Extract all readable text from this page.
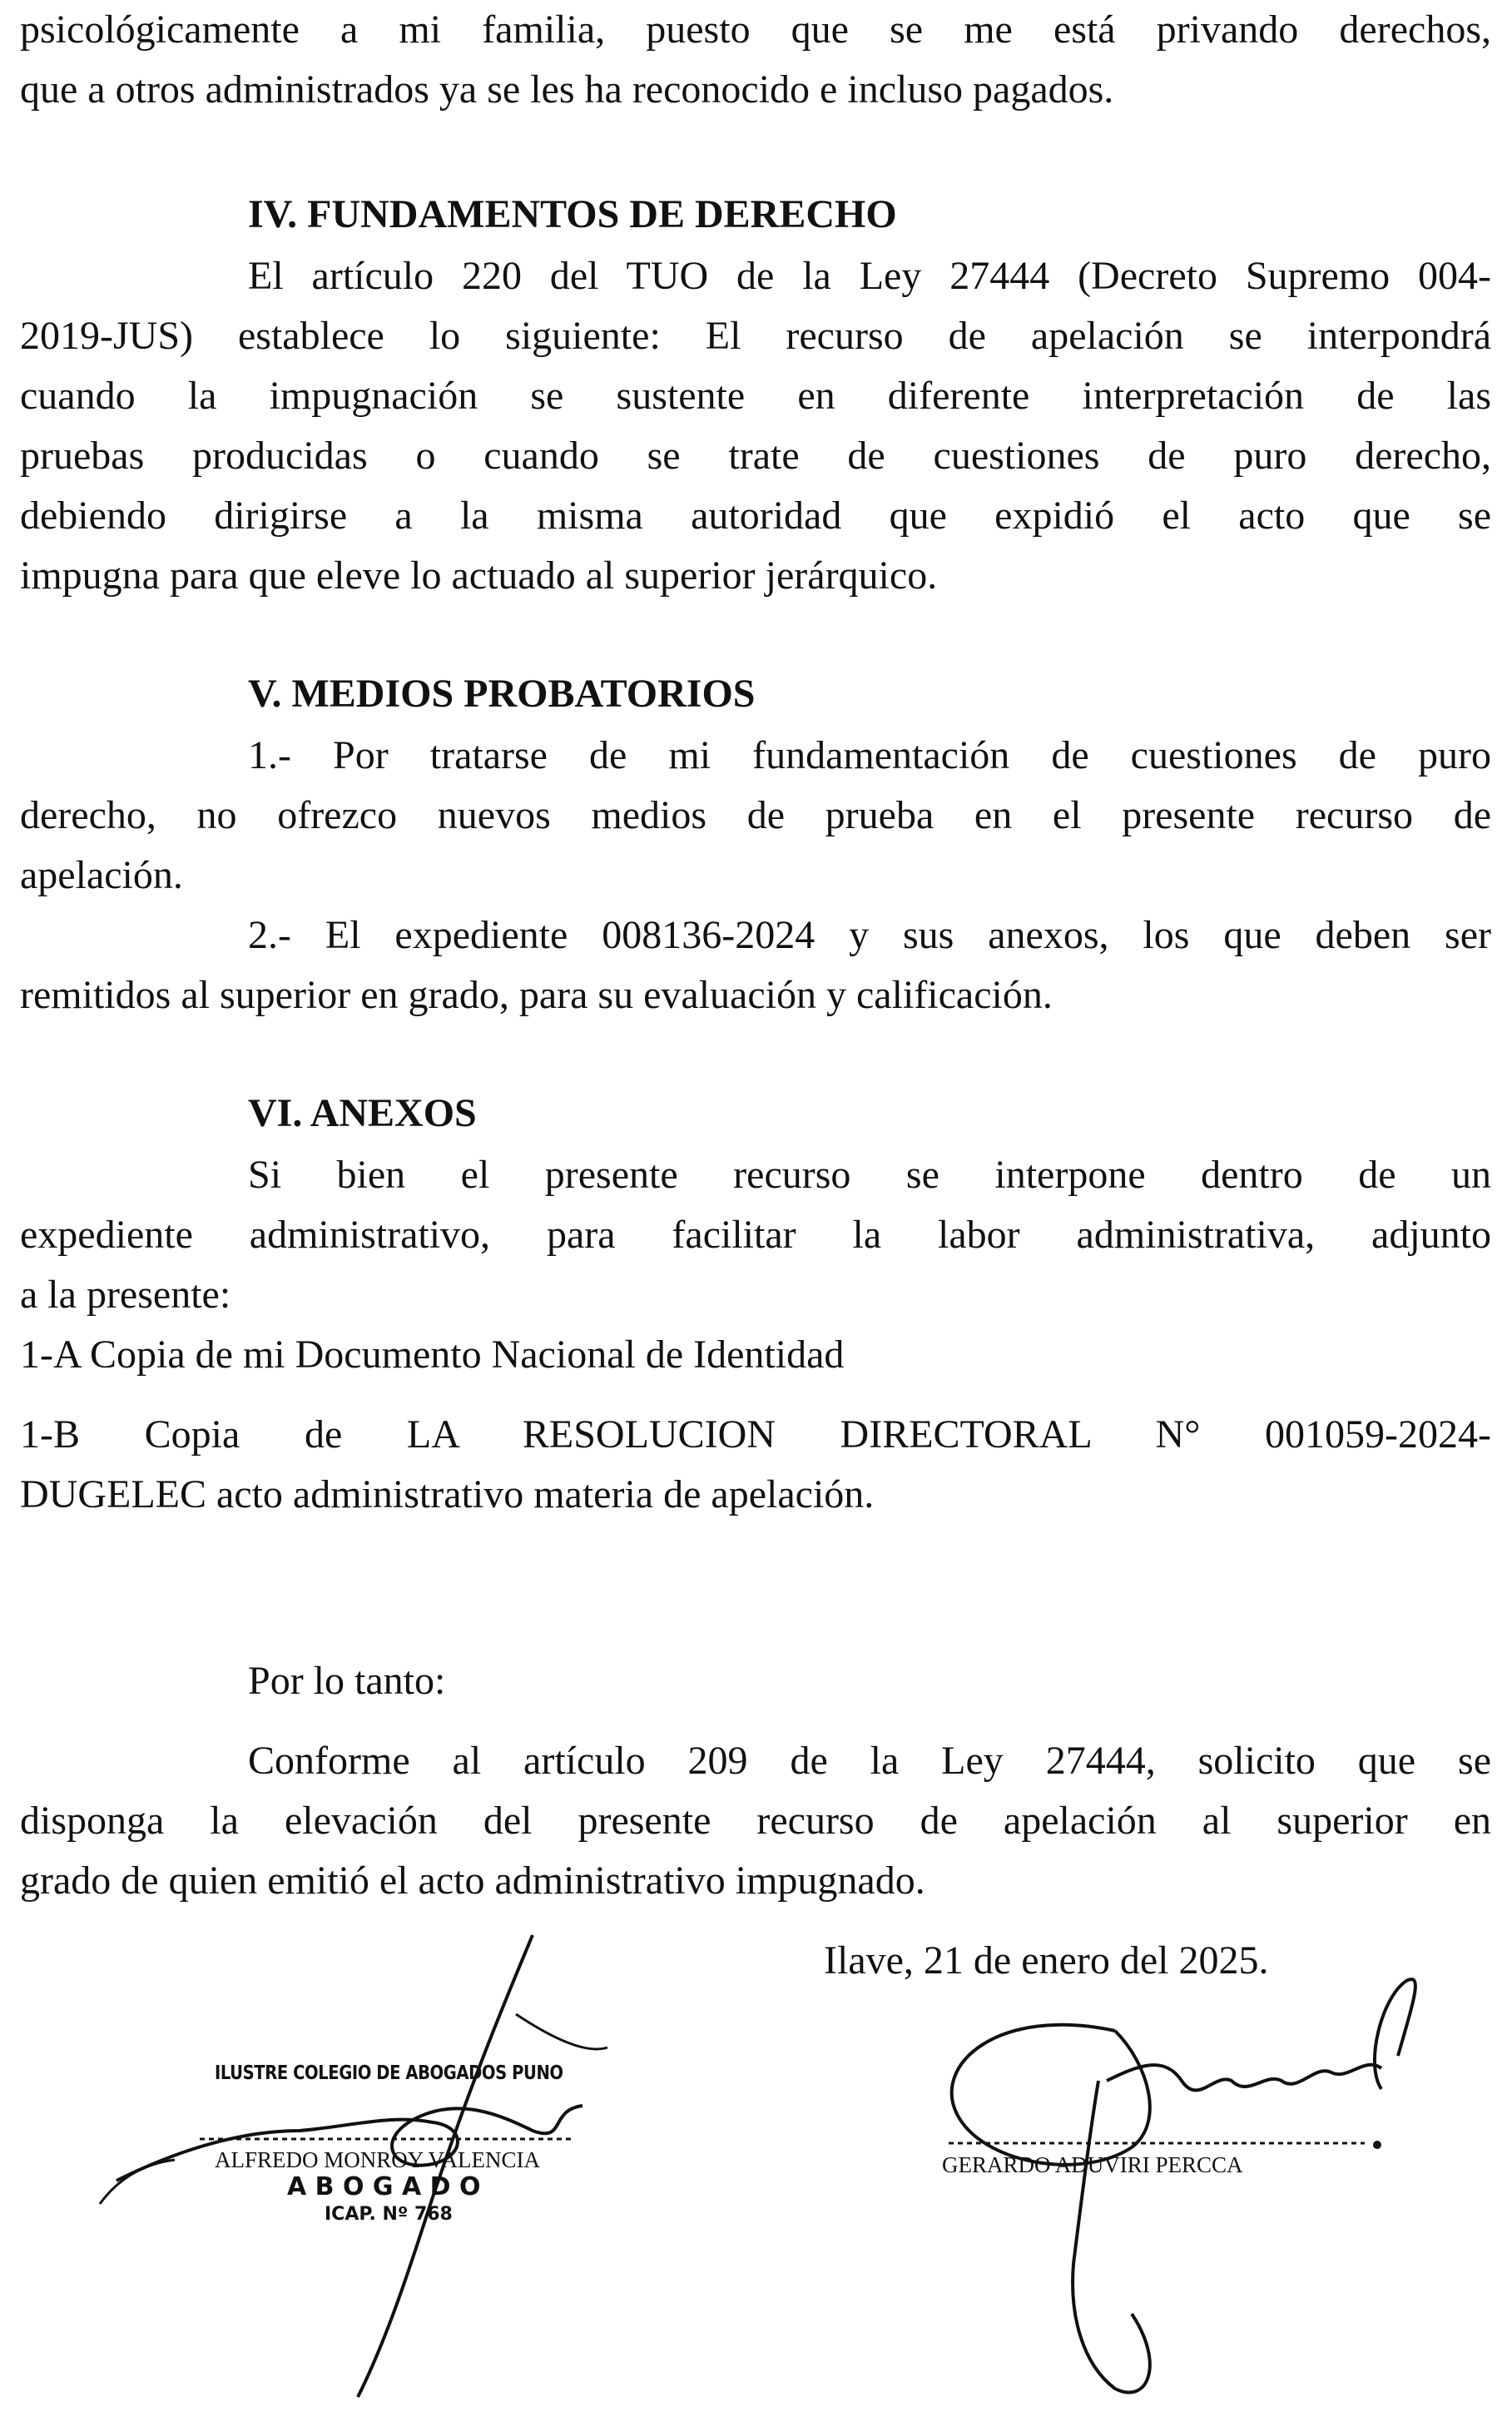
psicológicamente a mi familia, puesto que se me está privando derechos,
que a otros administrados ya se les ha reconocido e incluso pagados.
IV. FUNDAMENTOS DE DERECHO
El artículo 220 del TUO de la Ley 27444 (Decreto Supremo 004-
2019-JUS) establece lo siguiente: El recurso de apelación se interpondrá
cuando la impugnación se sustente en diferente interpretación de las
pruebas producidas o cuando se trate de cuestiones de puro derecho,
debiendo dirigirse a la misma autoridad que expidió el acto que se
impugna para que eleve lo actuado al superior jerárquico.
V. MEDIOS PROBATORIOS
1.- Por tratarse de mi fundamentación de cuestiones de puro
derecho, no ofrezco nuevos medios de prueba en el presente recurso de
apelación.
2.- El expediente 008136-2024 y sus anexos, los que deben ser
remitidos al superior en grado, para su evaluación y calificación.
VI. ANEXOS
Si bien el presente recurso se interpone dentro de un
expediente administrativo, para facilitar la labor administrativa, adjunto
a la presente:
1-A Copia de mi Documento Nacional de Identidad
1-B Copia de LA RESOLUCION DIRECTORAL N° 001059-2024-
DUGELEC acto administrativo materia de apelación.
Por lo tanto:
Conforme al artículo 209 de la Ley 27444, solicito que se
disponga la elevación del presente recurso de apelación al superior en
grado de quien emitió el acto administrativo impugnado.
Ilave, 21 de enero del 2025.
ILUSTRE COLEGIO DE ABOGADOS PUNO
ALFREDO MONROY VALENCIA
A B O G A D O
ICAP. Nº 768
GERARDO ADUVIRI PERCCA
